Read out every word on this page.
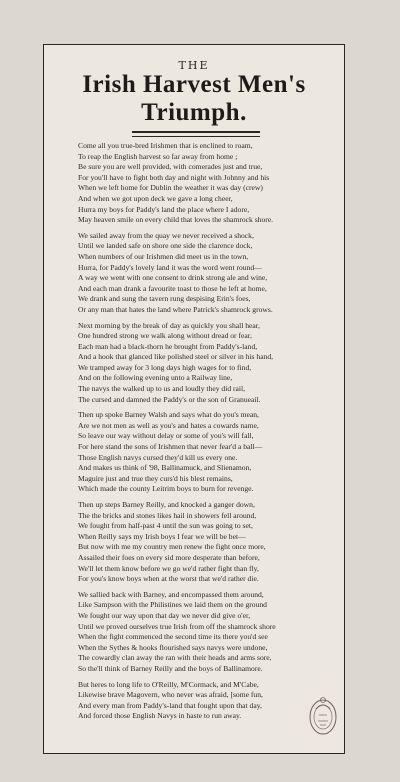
THE
Irish Harvest Men's
Triumph.
Come all you true-bred Irishmen that is enclined to roam,
To reap the English harvest so far away from home ;
Be sure you are well provided, with comerades just and true,
For you'll have to fight both day and night with Johnny and his
When we left home for Dublin the weather it was day (crew)
And when we got upon deck we gave a long cheer,
Hurra my boys for Paddy's land the place where I adore,
May heaven smile on every child that loves the shamrock shore.
We sailed away from the quay we never received a shock,
Until we landed safe on shore one side the clarence dock,
When numbers of our Irishmen did meet us in the town,
Hurra, for Paddy's lovely land it was the word went round—
A way we went with one consent to drink strong ale and wine,
And each man drank a favourite toast to those he left at home,
We drank and sung the tavern rung despising Erin's foes,
Or any man that hates the land where Patrick's shamrock grows.
Next morning by the break of day as quickly you shall hear,
One hundred strong we walk along without dread or fear,
Each man had a black-thorn he brought from Paddy's-land,
And a hook that glanced like polished steel or silver in his hand,
We tramped away for 3 long days high wages for to find,
And on the following evening unto a Railway line,
The navys the walked up to us and loudly they did rail,
The cursed and damned the Paddy's or the son of Granueail.
Then up spoke Barney Walsh and says what do you's mean,
Are we not men as well as you's and hates a cowards name,
So leave our way without delay or some of you's will fall,
For here stand the sons of Irishmen that never fear'd a ball—
Those English navys cursed they'd kill us every one.
And makes us think of '98, Ballinamuck, and Slienamon,
Maguire just and true they curs'd his blest remains,
Which made the county Leitrim boys to burn for revenge.
Then up steps Barney Reilly, and knocked a ganger down,
The the bricks and stones likes hail in showers fell around,
We fought from half-past 4 until the sun was going to set,
When Reilly says my Irish boys I fear we will be bet—
But now with me my country men renew the fight once more,
Assailed their foes on every sid more desperate than before,
We'll let them know before we go we'd rather fight than fly,
For you's know boys when at the worst that we'd rather die.
We sallied back with Barney, and encompassed them around,
Like Sampson with the Philistines we laid them on the ground
We fought our way upon that day we never did give o'er,
Until we proved ourselves true Irish from off the shamrock shore
When the fight commenced the second time its there you'd see
When the Sythes & hooks flourished says navys were undone,
The cowardly clan away the ran with their heads and arms sore,
So the'll think of Barney Reilly and the boys of Ballinamore.
But heres to long life to O'Reilly, M'Cormack, and M'Cabe,
Likewise brave Magovern, who never was afraid, [some fun,
And every man from Paddy's-land that fought upon that day,
And forced those English Navys in haste to run away.
